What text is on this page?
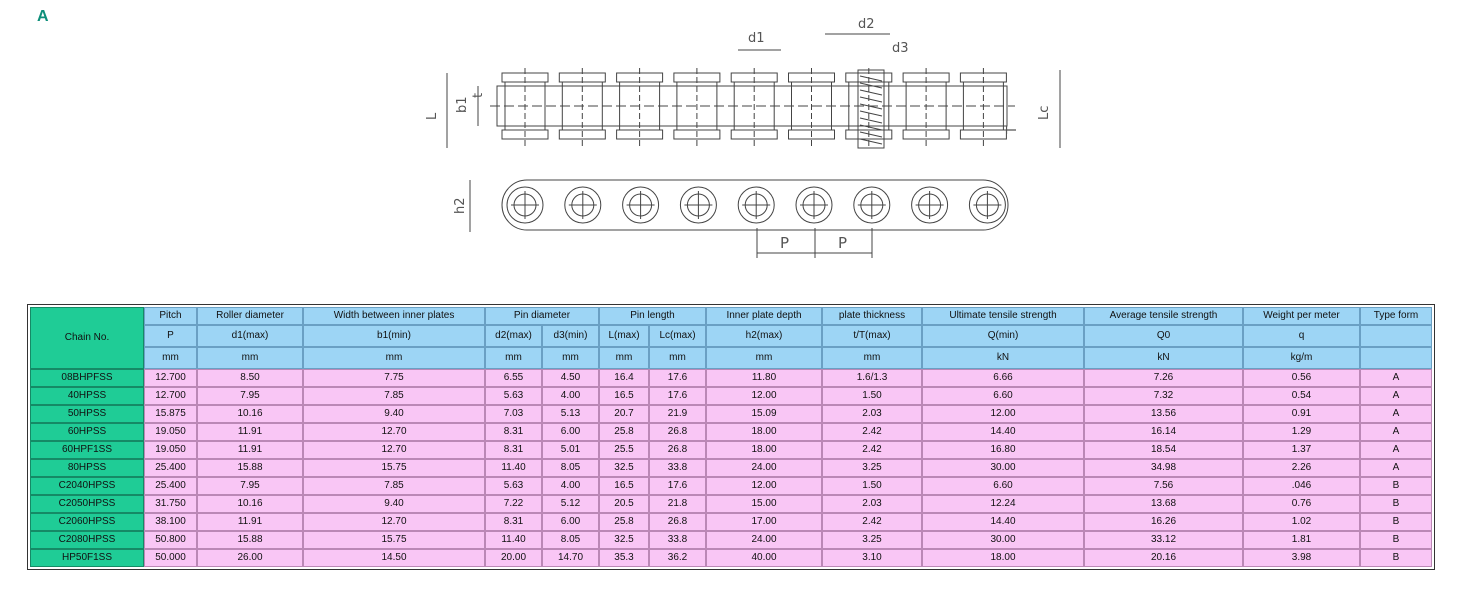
A
d1
d2
d3
L
b1
t
Lc
T
h2
P	P
Chain No.	Pitch	Roller diameter	Width between inner plates	Pin diameter		Pin length		Inner plate depth	plate thickness	Ultimate tensile strength	Average tensile strength	Weight per meter	Type form
	P	d1(max)	b1(min)	d2(max)	d3(min)	L(max)	Lc(max)	h2(max)	t/T(max)	Q(min)	Q0	q	
	mm	mm	mm	mm	mm	mm	mm	mm	mm	kN	kN	kg/m	
08BHPFSS	12.700	8.50	7.75	6.55	4.50	16.4	17.6	11.80	1.6/1.3	6.66	7.26	0.56	A
40HPSS	12.700	7.95	7.85	5.63	4.00	16.5	17.6	12.00	1.50	6.60	7.32	0.54	A
50HPSS	15.875	10.16	9.40	7.03	5.13	20.7	21.9	15.09	2.03	12.00	13.56	0.91	A
60HPSS	19.050	11.91	12.70	8.31	6.00	25.8	26.8	18.00	2.42	14.40	16.14	1.29	A
60HPF1SS	19.050	11.91	12.70	8.31	5.01	25.5	26.8	18.00	2.42	16.80	18.54	1.37	A
80HPSS	25.400	15.88	15.75	11.40	8.05	32.5	33.8	24.00	3.25	30.00	34.98	2.26	A
C2040HPSS	25.400	7.95	7.85	5.63	4.00	16.5	17.6	12.00	1.50	6.60	7.56	.046	B
C2050HPSS	31.750	10.16	9.40	7.22	5.12	20.5	21.8	15.00	2.03	12.24	13.68	0.76	B
C2060HPSS	38.100	11.91	12.70	8.31	6.00	25.8	26.8	17.00	2.42	14.40	16.26	1.02	B
C2080HPSS	50.800	15.88	15.75	11.40	8.05	32.5	33.8	24.00	3.25	30.00	33.12	1.81	B
HP50F1SS	50.000	26.00	14.50	20.00	14.70	35.3	36.2	40.00	3.10	18.00	20.16	3.98	B
